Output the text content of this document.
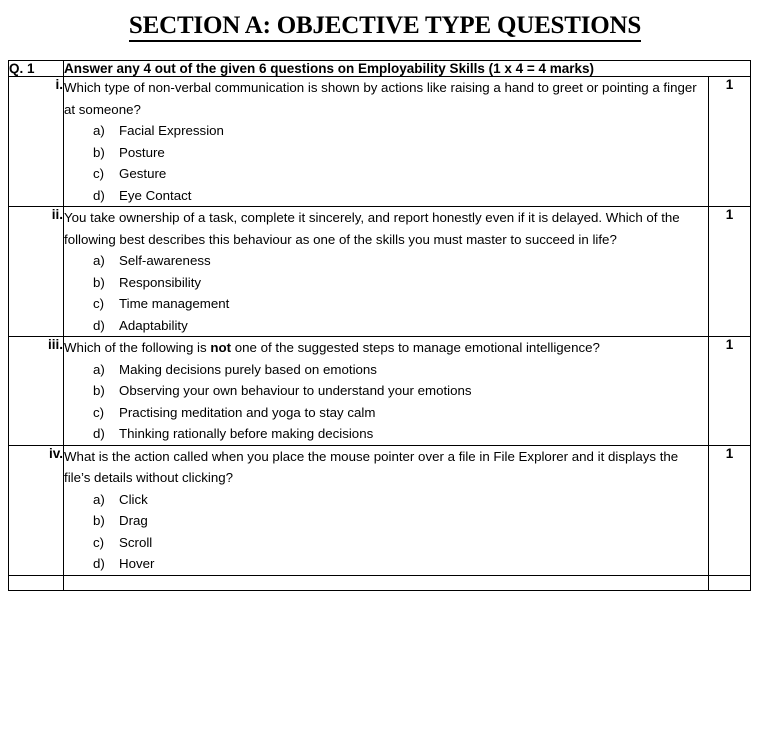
SECTION A: OBJECTIVE TYPE QUESTIONS
Q. 1	Answer any 4 out of the given 6 questions on Employability Skills (1 x 4 = 4 marks)	
i.	Which type of non-verbal communication is shown by actions like raising a hand to greet or pointing a finger at someone?

a) Facial Expression
b) Posture
c) Gesture
d) Eye Contact
	1
ii.	You take ownership of a task, complete it sincerely, and report honestly even if it is delayed. Which of the following best describes this behaviour as one of the skills you must master to succeed in life?

a) Self-awareness
b) Responsibility
c) Time management
d) Adaptability
	1
iii.	Which of the following is not one of the suggested steps to manage emotional intelligence?

a) Making decisions purely based on emotions
b) Observing your own behaviour to understand your emotions
c) Practising meditation and yoga to stay calm
d) Thinking rationally before making decisions
	1
iv.	What is the action called when you place the mouse pointer over a file in File Explorer and it displays the file’s details without clicking?

a) Click
b) Drag
c) Scroll
d) Hover
	1
